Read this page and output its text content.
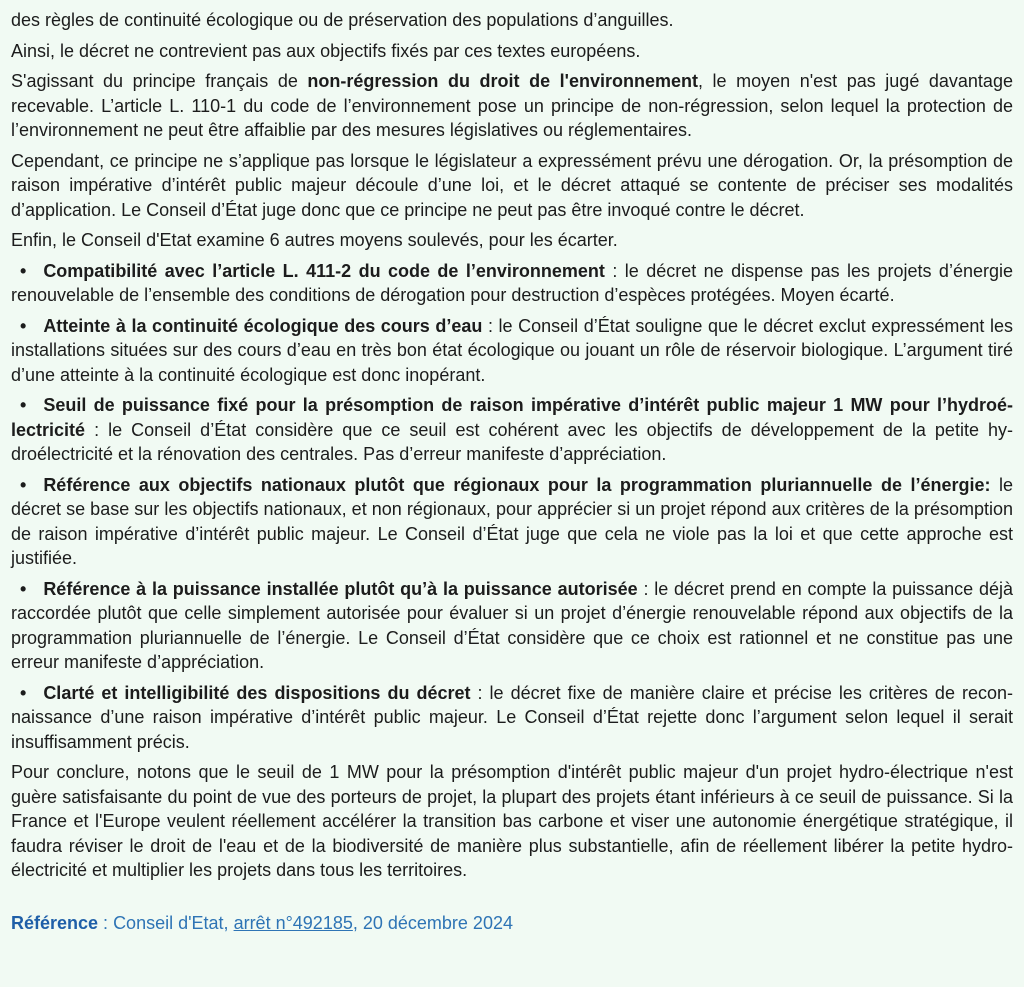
des règles de continuité écologique ou de préservation des populations d’anguilles.

Ainsi, le décret ne contrevient pas aux objectifs fixés par ces textes européens.

S'agissant du principe français de non-régression du droit de l'environnement, le moyen n'est pas jugé davantage recevable. L’article L. 110-1 du code de l’environnement pose un principe de non-régression, selon lequel la protection de l’environnement ne peut être affaiblie par des mesures législatives ou réglementaires.

Cependant, ce principe ne s’applique pas lorsque le législateur a expressément prévu une dérogation. Or, la présomption de raison impérative d’intérêt public majeur découle d’une loi, et le décret attaqué se contente de préciser ses modalités d’application. Le Conseil d’État juge donc que ce principe ne peut pas être invoqué contre le décret.

Enfin, le Conseil d'Etat examine 6 autres moyens soulevés, pour les écarter.

• Compatibilité avec l’article L. 411-2 du code de l’environnement : le décret ne dispense pas les projets d’énergie renouvelable de l’ensemble des conditions de dérogation pour destruction d’espèces protégées. Moyen écarté.

• Atteinte à la continuité écologique des cours d’eau : le Conseil d’État souligne que le décret exclut expressément les installations situées sur des cours d’eau en très bon état écologique ou jouant un rôle de réservoir biologique. L’argument tiré d’une atteinte à la continuité écologique est donc inopérant.

• Seuil de puissance fixé pour la présomption de raison impérative d’intérêt public majeur 1 MW pour l’hydroélectricité : le Conseil d’État considère que ce seuil est cohérent avec les objectifs de développement de la petite hydroélectricité et la rénovation des centrales. Pas d’erreur manifeste d’appréciation.

• Référence aux objectifs nationaux plutôt que régionaux pour la programmation pluriannuelle de l’énergie: le décret se base sur les objectifs nationaux, et non régionaux, pour apprécier si un projet répond aux critères de la présomption de raison impérative d’intérêt public majeur. Le Conseil d’État juge que cela ne viole pas la loi et que cette approche est justifiée.

• Référence à la puissance installée plutôt qu’à la puissance autorisée : le décret prend en compte la puissance déjà raccordée plutôt que celle simplement autorisée pour évaluer si un projet d’énergie renouvelable répond aux objectifs de la programmation pluriannuelle de l’énergie. Le Conseil d’État considère que ce choix est rationnel et ne constitue pas une erreur manifeste d’appréciation.

• Clarté et intelligibilité des dispositions du décret : le décret fixe de manière claire et précise les critères de reconnaissance d’une raison impérative d’intérêt public majeur. Le Conseil d’État rejette donc l’argument selon lequel il serait insuffisamment précis.

Pour conclure, notons que le seuil de 1 MW pour la présomption d'intérêt public majeur d'un projet hydro-électrique n'est guère satisfaisante du point de vue des porteurs de projet, la plupart des projets étant inférieurs à ce seuil de puissance. Si la France et l'Europe veulent réellement accélérer la transition bas carbone et viser une autonomie énergétique stratégique, il faudra réviser le droit de l'eau et de la biodiversité de manière plus substantielle, afin de réellement libérer la petite hydro-électricité et multiplier les projets dans tous les territoires.

Référence : Conseil d'Etat, arrêt n°492185, 20 décembre 2024
